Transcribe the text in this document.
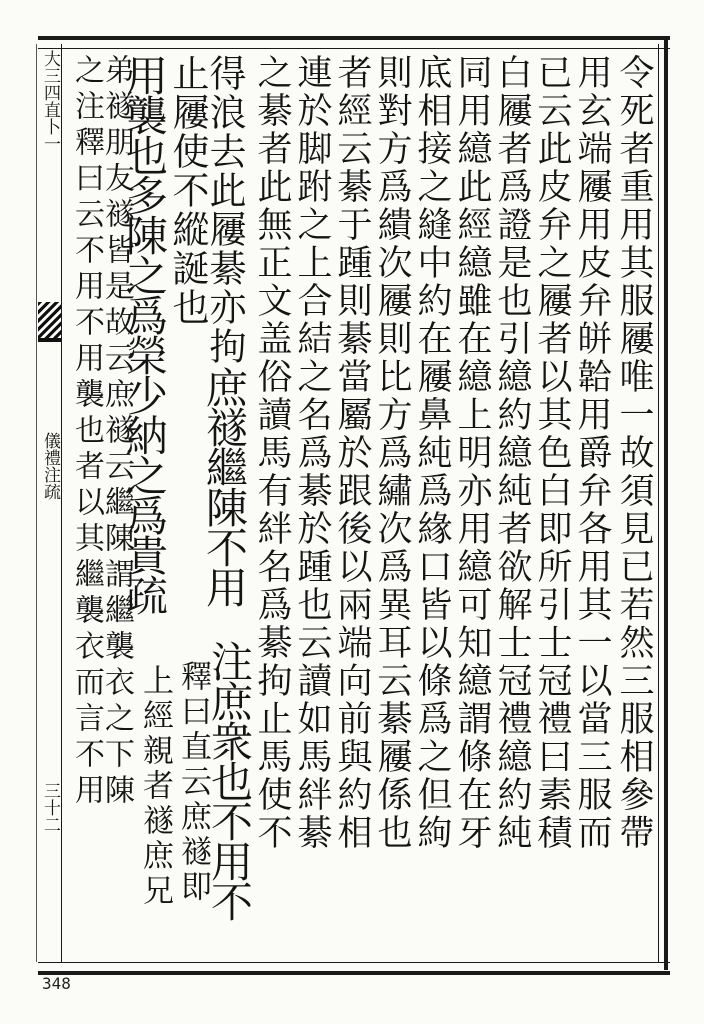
大三四直卜一
儀禮注疏
三十二	令死者重用其服屨唯一故須見已若然三服相參帶
用玄端屨用皮弁皏韐用爵弁各用其一以當三服而
已云此皮弁之屨者以其色白即所引士冠禮曰素積
白屨者爲證是也引繶約繶純者欲解士冠禮繶約純
同用繶此經繶雖在繶上明亦用繶可知繶謂條在牙
底相接之縫中約在屨鼻純爲緣口皆以條爲之但絇
則對方爲繢次屨則比方爲繡次爲異耳云綦屨係也
者經云綦于踵則綦當屬於跟後以兩端向前與約相
連於脚跗之上合結之名爲綦於踵也云讀如馬絆綦
之綦者此無正文盖俗讀馬有絆名爲綦拘止馬使不
得浪去此屨綦亦拘庶禭繼陳不用
止屨使不縱誕也
注庶衆也不用不
用襲也多陳之爲榮少納之爲貴疏
釋曰直云庶禭即
上經親者禭庶兄
弟禭朋友禭皆是故云庶禭云繼陳謂繼襲衣之下陳
之注釋曰云不用不用襲也者以其繼襲衣而言不用
348
